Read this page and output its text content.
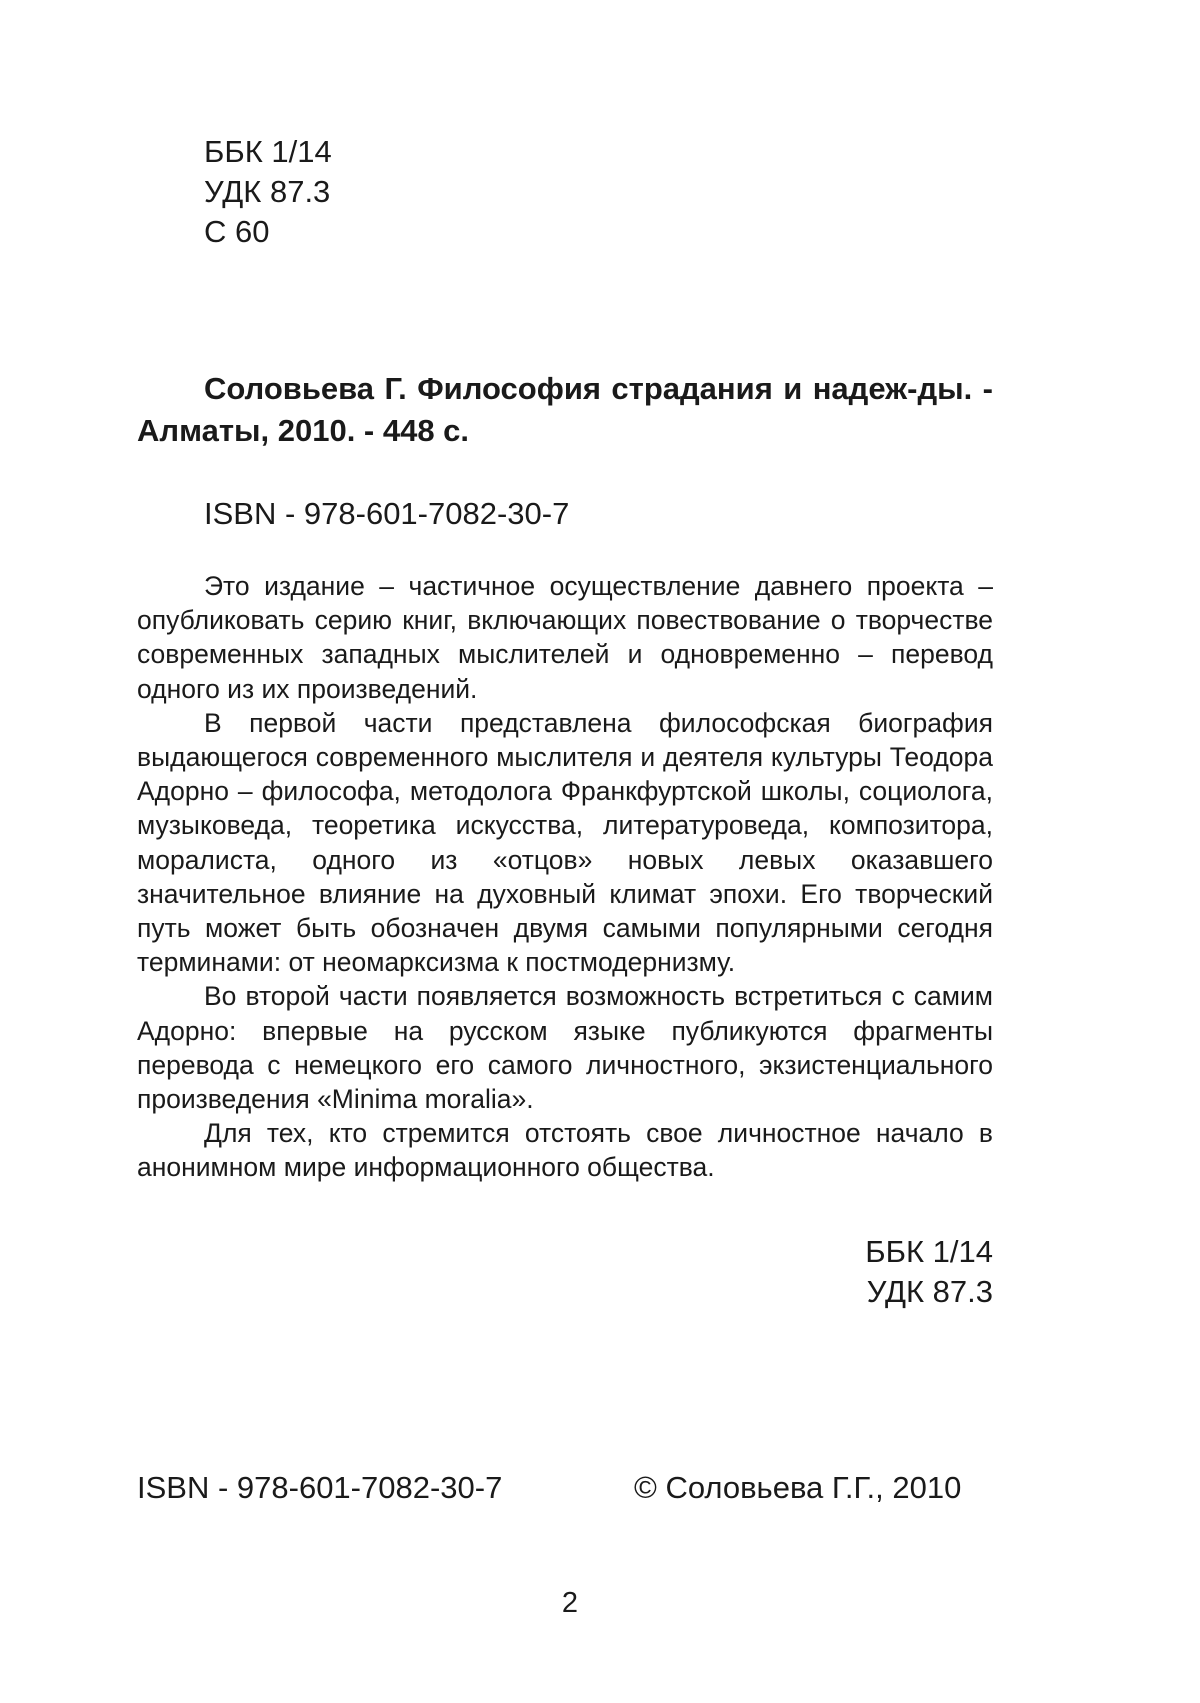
ББК 1/14
УДК 87.3
С 60
Соловьева Г. Философия страдания и надеж-ды. - Алматы, 2010. - 448 с.
ISBN - 978-601-7082-30-7

Это издание – частичное осуществление давнего проекта – опубликовать серию книг, включающих повествование о творчестве современных западных мыслителей и одновременно – перевод одного из их произведений.

В первой части представлена философская биография выдающегося современного мыслителя и деятеля культуры Теодора Адорно – философа, методолога Франкфуртской школы, социолога, музыковеда, теоретика искусства, литературоведа, композитора, моралиста, одного из «отцов» новых левых оказавшего значительное влияние на духовный климат эпохи. Его творческий путь может быть обозначен двумя самыми популярными сегодня терминами: от неомарксизма к постмодернизму.

Во второй части появляется возможность встретиться с самим Адорно: впервые на русском языке публикуются фрагменты перевода с немецкого его самого личностного, экзистенциального произведения «Minima moralia».

Для тех, кто стремится отстоять свое личностное начало в анонимном мире информационного общества.

ББК 1/14
УДК 87.3
ISBN - 978-601-7082-30-7	© Соловьева Г.Г., 2010
2
